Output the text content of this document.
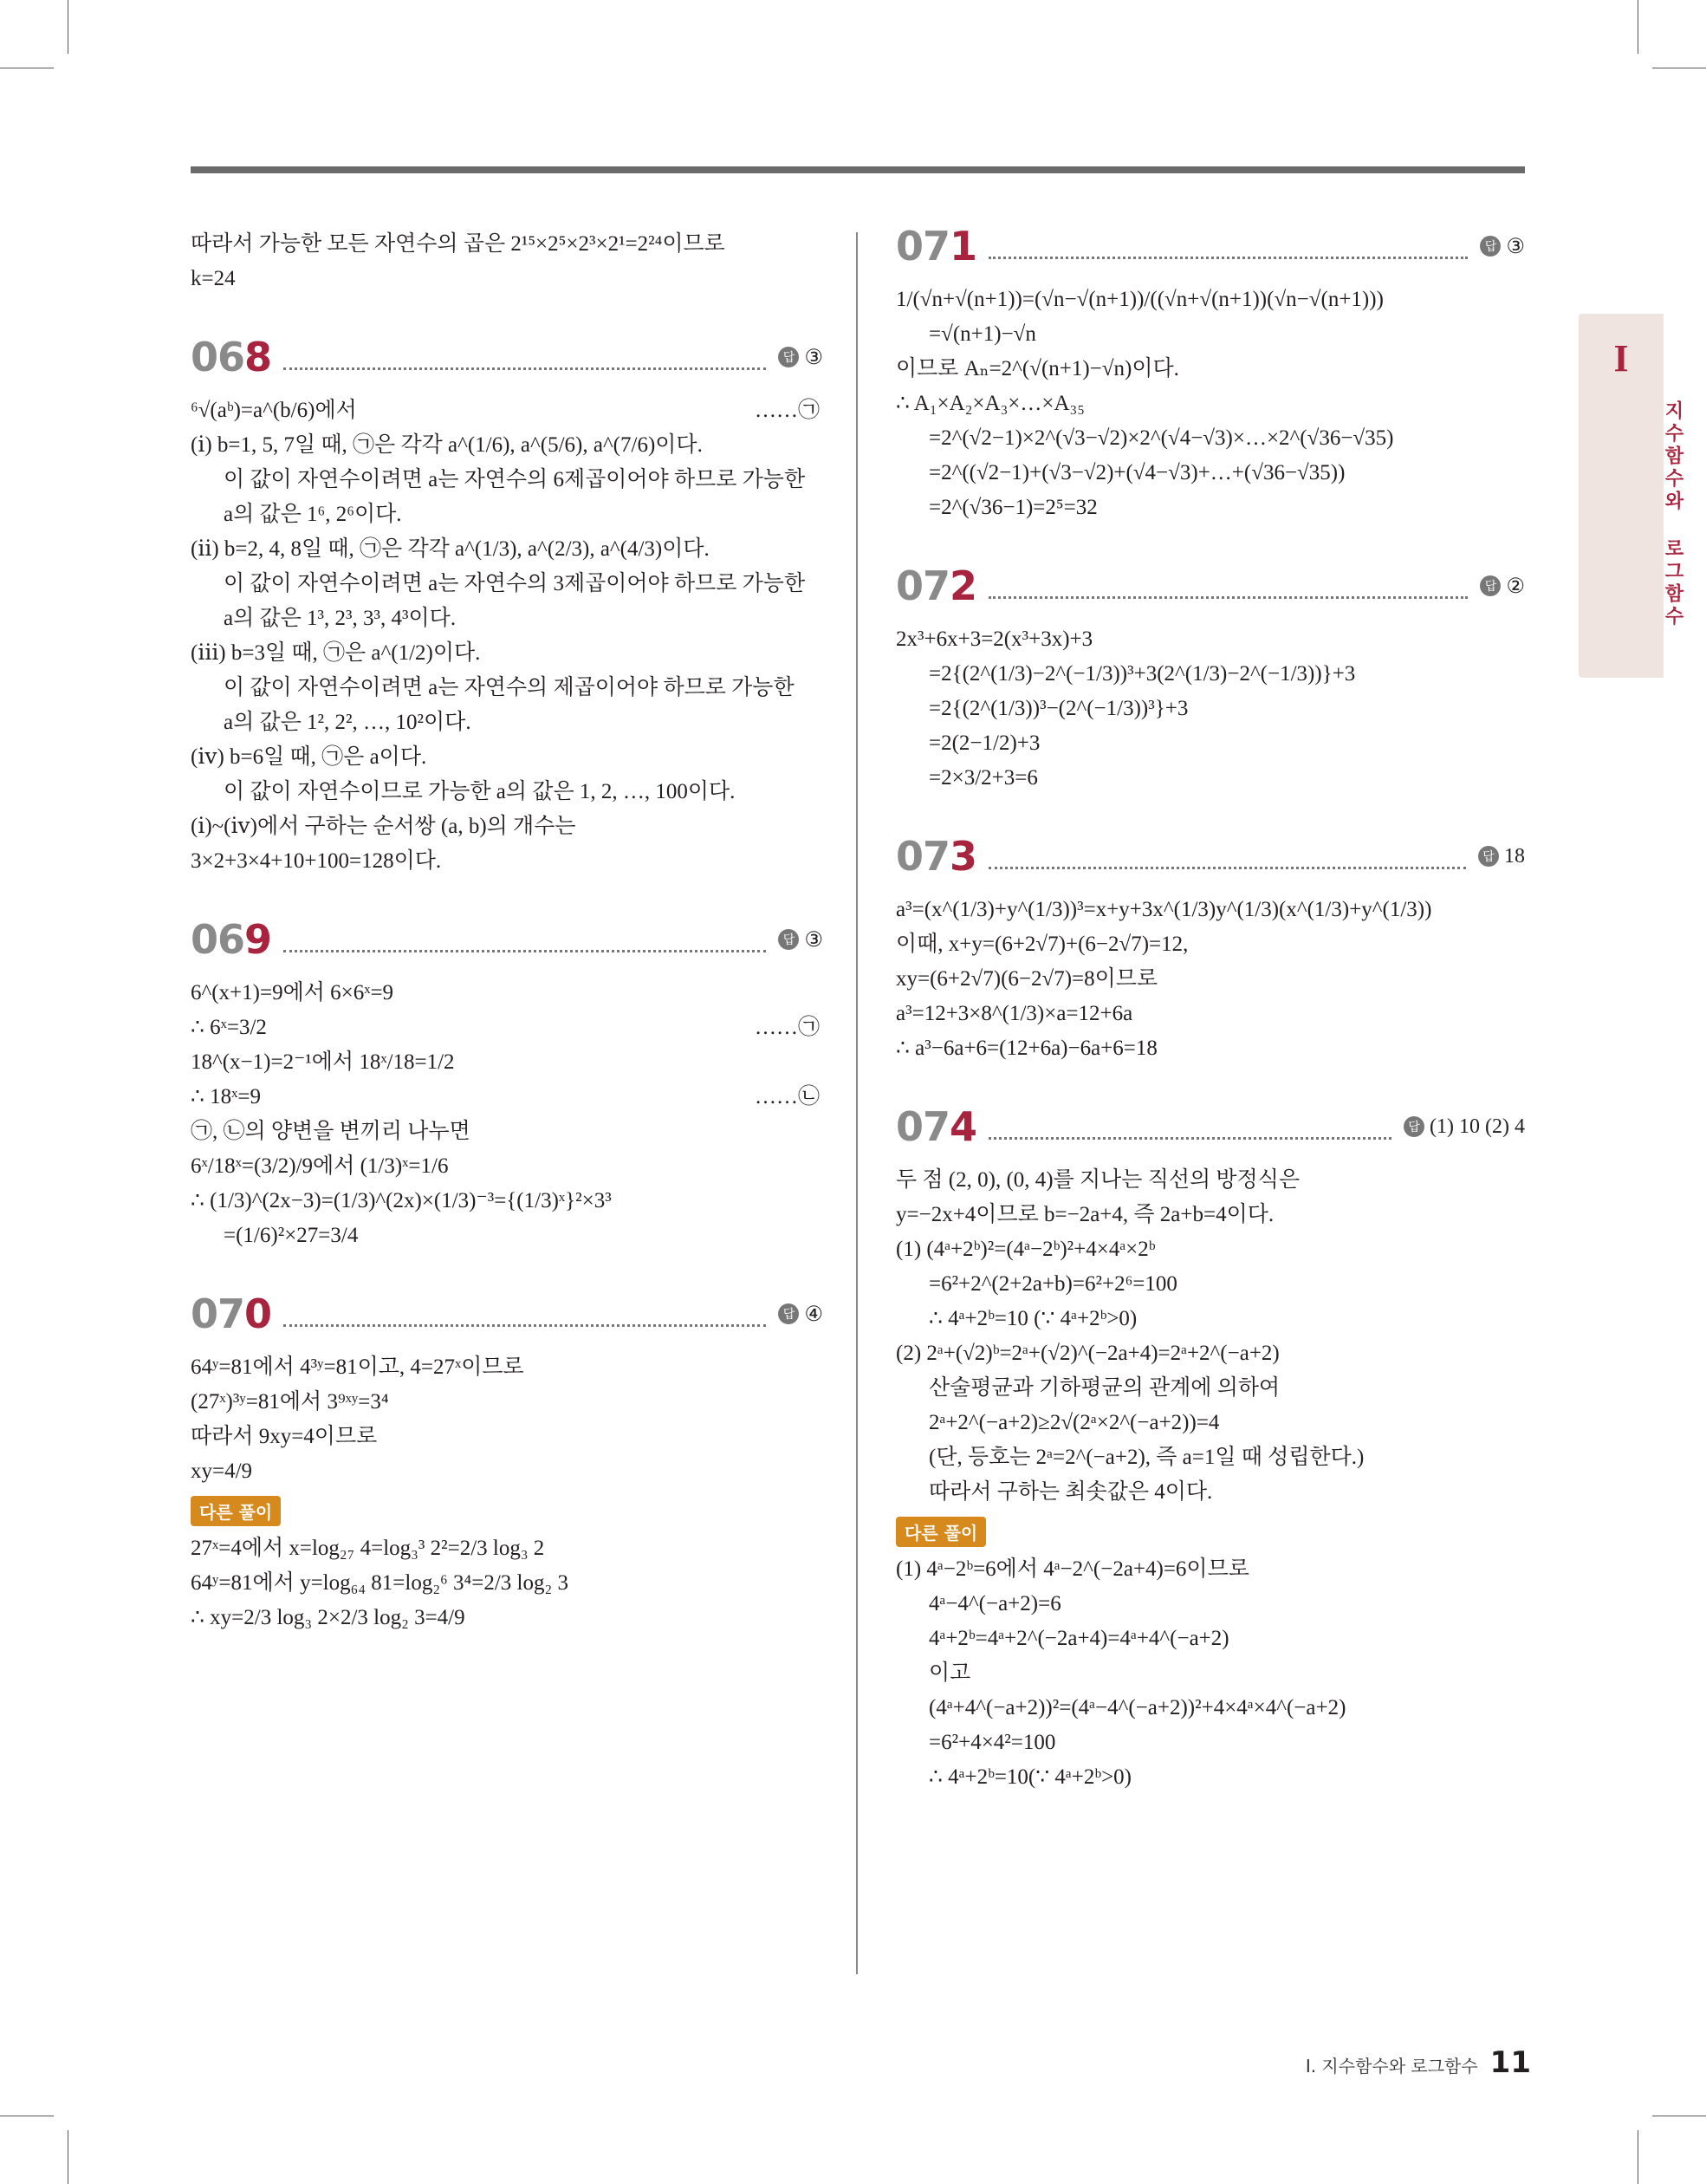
따라서 가능한 모든 자연수의 곱은 2¹⁵×2⁵×2³×2¹=2²⁴이므로
k=24
068	답 ③
⁶√(aᵇ)=a^(b/6)에서	……㉠
(ⅰ) b=1, 5, 7일 때, ㉠은 각각 a^(1/6), a^(5/6), a^(7/6)이다.
이 값이 자연수이려면 a는 자연수의 6제곱이어야 하므로 가능한
a의 값은 1⁶, 2⁶이다.
(ⅱ) b=2, 4, 8일 때, ㉠은 각각 a^(1/3), a^(2/3), a^(4/3)이다.
이 값이 자연수이려면 a는 자연수의 3제곱이어야 하므로 가능한
a의 값은 1³, 2³, 3³, 4³이다.
(ⅲ) b=3일 때, ㉠은 a^(1/2)이다.
이 값이 자연수이려면 a는 자연수의 제곱이어야 하므로 가능한
a의 값은 1², 2², …, 10²이다.
(ⅳ) b=6일 때, ㉠은 a이다.
이 값이 자연수이므로 가능한 a의 값은 1, 2, …, 100이다.
(ⅰ)~(ⅳ)에서 구하는 순서쌍 (a, b)의 개수는
3×2+3×4+10+100=128이다.
069	답 ③
6^(x+1)=9에서 6×6ˣ=9
∴ 6ˣ=3/2	……㉠
18^(x−1)=2⁻¹에서 18ˣ/18=1/2
∴ 18ˣ=9	……㉡
㉠, ㉡의 양변을 변끼리 나누면
6ˣ/18ˣ=(3/2)/9에서 (1/3)ˣ=1/6
∴ (1/3)^(2x−3)=(1/3)^(2x)×(1/3)⁻³={(1/3)ˣ}²×3³
=(1/6)²×27=3/4
070	답 ④
64ʸ=81에서 4³ʸ=81이고, 4=27ˣ이므로
(27ˣ)³ʸ=81에서 3⁹ˣʸ=3⁴
따라서 9xy=4이므로
xy=4/9
다른 풀이
27ˣ=4에서 x=log₂₇ 4=log₃³ 2²=2/3 log₃ 2
64ʸ=81에서 y=log₆₄ 81=log₂⁶ 3⁴=2/3 log₂ 3
∴ xy=2/3 log₃ 2×2/3 log₂ 3=4/9
071	답 ③
1/(√n+√(n+1))=(√n−√(n+1))/((√n+√(n+1))(√n−√(n+1)))
=√(n+1)−√n
이므로 Aₙ=2^(√(n+1)−√n)이다.
∴ A₁×A₂×A₃×…×A₃₅
=2^(√2−1)×2^(√3−√2)×2^(√4−√3)×…×2^(√36−√35)
=2^((√2−1)+(√3−√2)+(√4−√3)+…+(√36−√35))
=2^(√36−1)=2⁵=32
072	답 ②
2x³+6x+3=2(x³+3x)+3
=2{(2^(1/3)−2^(−1/3))³+3(2^(1/3)−2^(−1/3))}+3
=2{(2^(1/3))³−(2^(−1/3))³}+3
=2(2−1/2)+3
=2×3/2+3=6
073	답 18
a³=(x^(1/3)+y^(1/3))³=x+y+3x^(1/3)y^(1/3)(x^(1/3)+y^(1/3))
이때, x+y=(6+2√7)+(6−2√7)=12,
xy=(6+2√7)(6−2√7)=8이므로
a³=12+3×8^(1/3)×a=12+6a
∴ a³−6a+6=(12+6a)−6a+6=18
074	답 (1) 10 (2) 4
두 점 (2, 0), (0, 4)를 지나는 직선의 방정식은
y=−2x+4이므로 b=−2a+4, 즉 2a+b=4이다.
(1) (4ᵃ+2ᵇ)²=(4ᵃ−2ᵇ)²+4×4ᵃ×2ᵇ
=6²+2^(2+2a+b)=6²+2⁶=100
∴ 4ᵃ+2ᵇ=10 (∵ 4ᵃ+2ᵇ>0)
(2) 2ᵃ+(√2)ᵇ=2ᵃ+(√2)^(−2a+4)=2ᵃ+2^(−a+2)
산술평균과 기하평균의 관계에 의하여
2ᵃ+2^(−a+2)≥2√(2ᵃ×2^(−a+2))=4
(단, 등호는 2ᵃ=2^(−a+2), 즉 a=1일 때 성립한다.)
따라서 구하는 최솟값은 4이다.
다른 풀이
(1) 4ᵃ−2ᵇ=6에서 4ᵃ−2^(−2a+4)=6이므로
4ᵃ−4^(−a+2)=6
4ᵃ+2ᵇ=4ᵃ+2^(−2a+4)=4ᵃ+4^(−a+2)
이고
(4ᵃ+4^(−a+2))²=(4ᵃ−4^(−a+2))²+4×4ᵃ×4^(−a+2)
=6²+4×4²=100
∴ 4ᵃ+2ᵇ=10(∵ 4ᵃ+2ᵇ>0)
I
지수함수와 로그함수
Ⅰ. 지수함수와 로그함수 11
